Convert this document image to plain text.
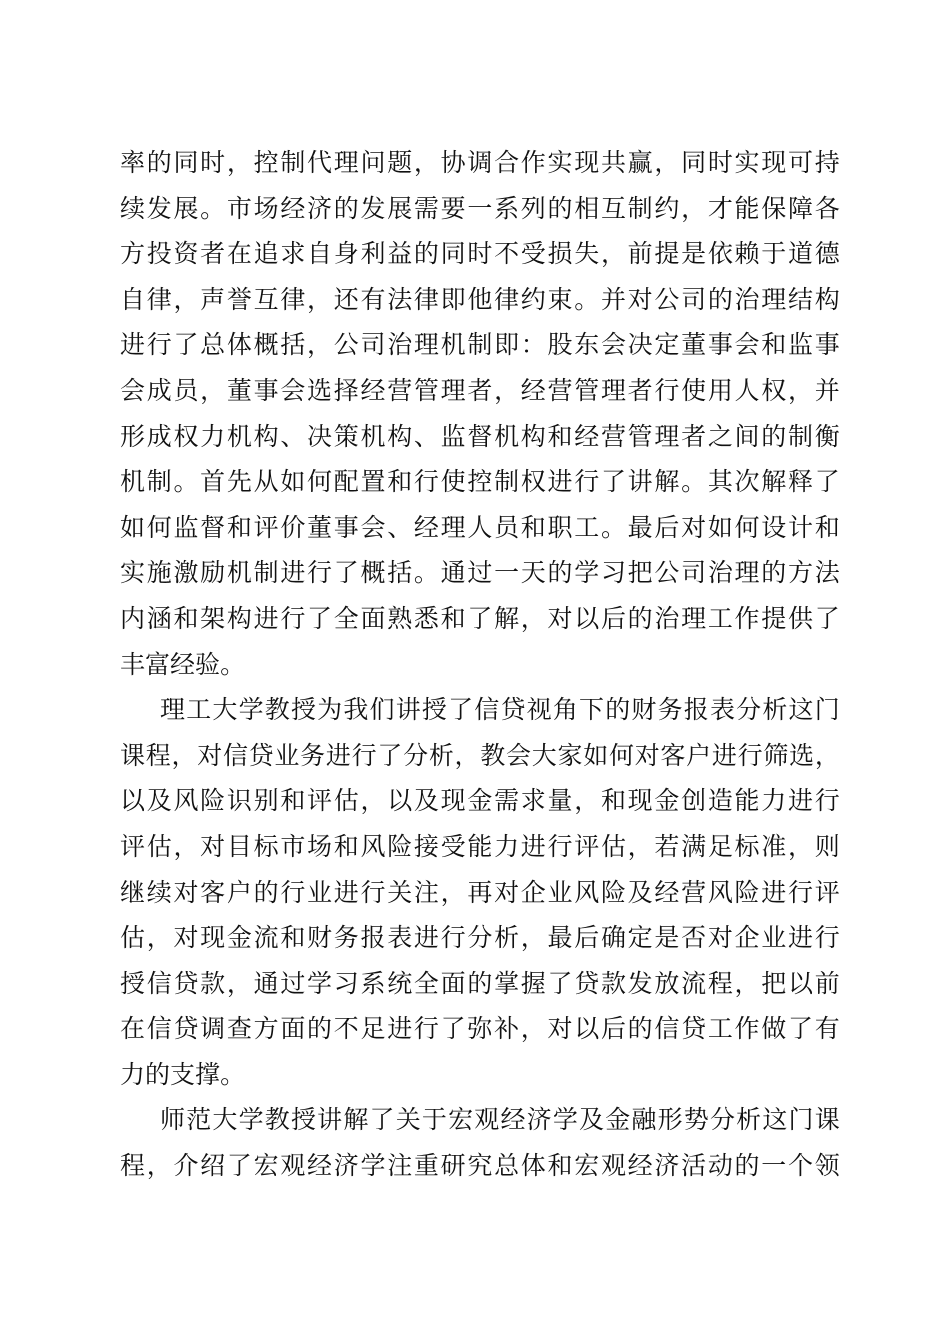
率 的 同 时 ， 控 制 代 理 问 题 ， 协 调 合 作 实 现 共 赢 ， 同 时 实 现 可 持
续 发 展 。 市 场 经 济 的 发 展 需 要 一 系 列 的 相 互 制 约 ， 才 能 保 障 各
方 投 资 者 在 追 求 自 身 利 益 的 同 时 不 受 损 失 ， 前 提 是 依 赖 于 道 德
自 律 ， 声 誉 互 律 ， 还 有 法 律 即 他 律 约 束 。 并 对 公 司 的 治 理 结 构
进 行 了 总 体 概 括 ， 公 司 治 理 机 制 即 ： 股 东 会 决 定 董 事 会 和 监 事
会 成 员 ， 董 事 会 选 择 经 营 管 理 者 ， 经 营 管 理 者 行 使 用 人 权 ， 并
形 成 权 力 机 构 、 决 策 机 构 、 监 督 机 构 和 经 营 管 理 者 之 间 的 制 衡
机 制 。 首 先 从 如 何 配 置 和 行 使 控 制 权 进 行 了 讲 解 。 其 次 解 释 了
如 何 监 督 和 评 价 董 事 会 、 经 理 人 员 和 职 工 。 最 后 对 如 何 设 计 和
实 施 激 励 机 制 进 行 了 概 括 。 通 过 一 天 的 学 习 把 公 司 治 理 的 方 法
内 涵 和 架 构 进 行 了 全 面 熟 悉 和 了 解 ， 对 以 后 的 治 理 工 作 提 供 了
丰 富 经 验 。
理 工 大 学 教 授 为 我 们 讲 授 了 信 贷 视 角 下 的 财 务 报 表 分 析 这 门
课 程 ， 对 信 贷 业 务 进 行 了 分 析 ， 教 会 大 家 如 何 对 客 户 进 行 筛 选 ，
以 及 风 险 识 别 和 评 估 ， 以 及 现 金 需 求 量 ， 和 现 金 创 造 能 力 进 行
评 估 ， 对 目 标 市 场 和 风 险 接 受 能 力 进 行 评 估 ， 若 满 足 标 准 ， 则
继 续 对 客 户 的 行 业 进 行 关 注 ， 再 对 企 业 风 险 及 经 营 风 险 进 行 评
估 ， 对 现 金 流 和 财 务 报 表 进 行 分 析 ， 最 后 确 定 是 否 对 企 业 进 行
授 信 贷 款 ， 通 过 学 习 系 统 全 面 的 掌 握 了 贷 款 发 放 流 程 ， 把 以 前
在 信 贷 调 查 方 面 的 不 足 进 行 了 弥 补 ， 对 以 后 的 信 贷 工 作 做 了 有
力 的 支 撑 。
师 范 大 学 教 授 讲 解 了 关 于 宏 观 经 济 学 及 金 融 形 势 分 析 这 门 课
程 ， 介 绍 了 宏 观 经 济 学 注 重 研 究 总 体 和 宏 观 经 济 活 动 的 一 个 领
